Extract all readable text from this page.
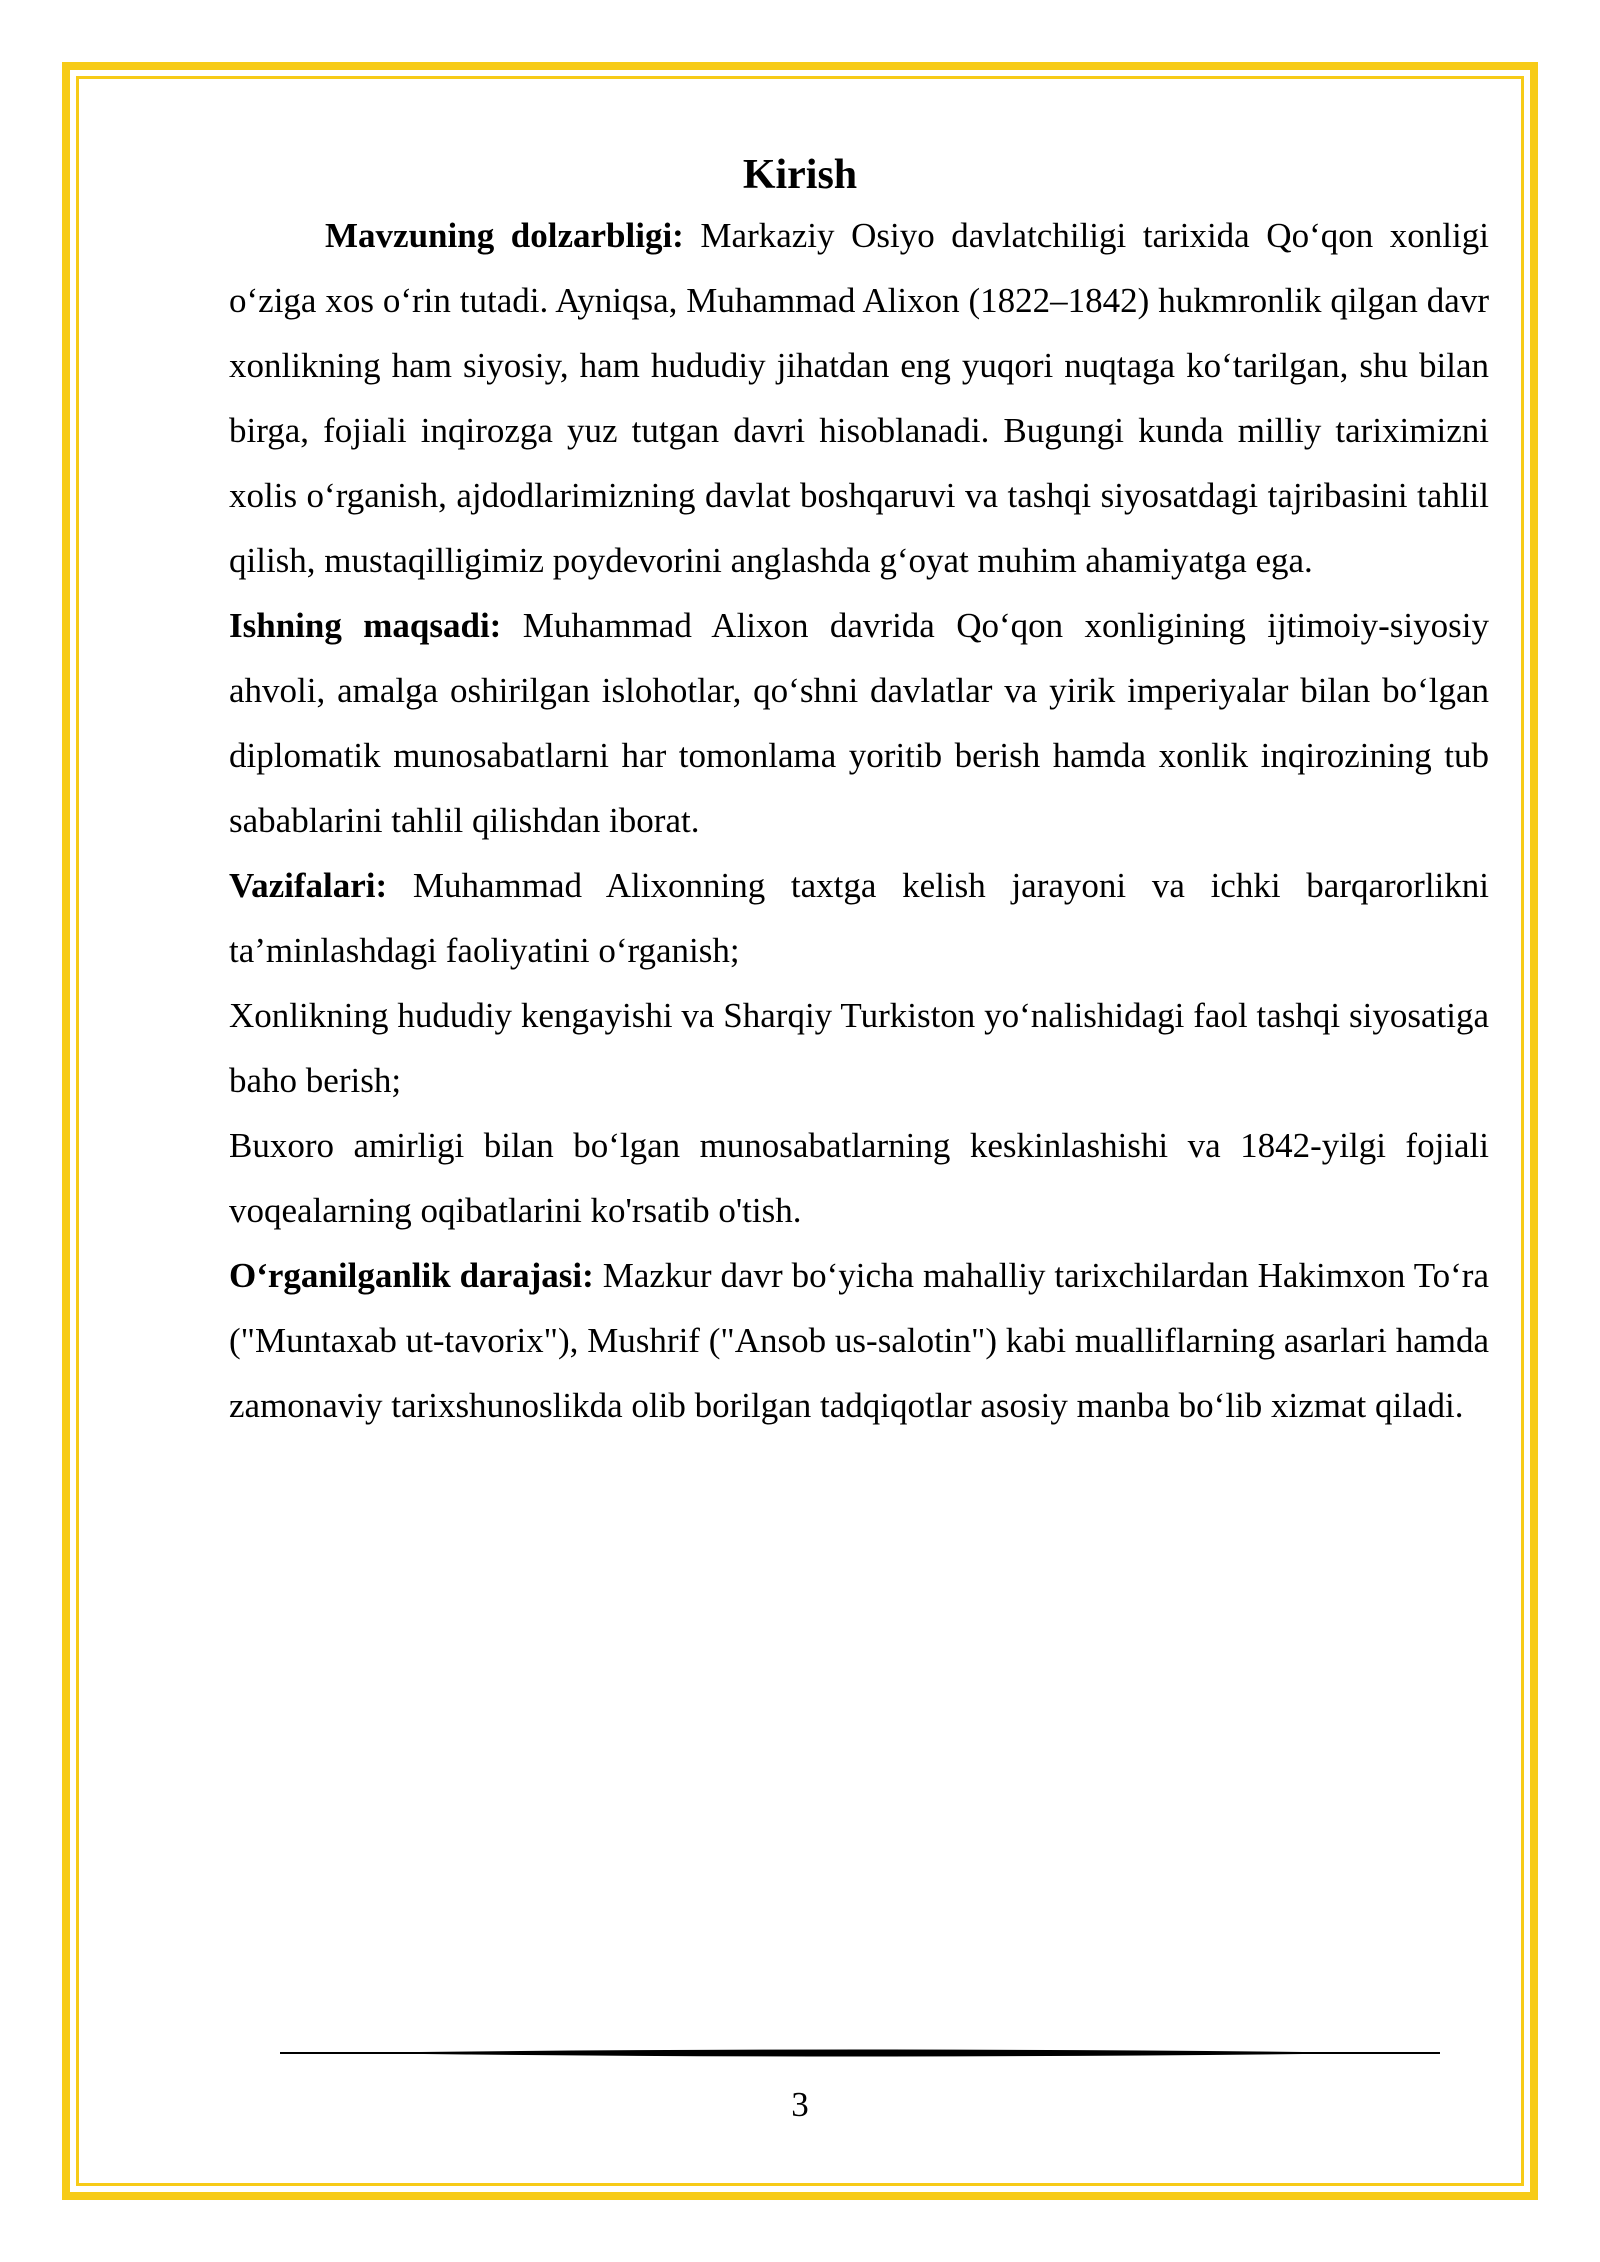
Kirish

Mavzuning dolzarbligi: Markaziy Osiyo davlatchiligi tarixida Qo‘qon xonligi o‘ziga xos o‘rin tutadi. Ayniqsa, Muhammad Alixon (1822–1842) hukmronlik qilgan davr xonlikning ham siyosiy, ham hududiy jihatdan eng yuqori nuqtaga ko‘tarilgan, shu bilan birga, fojiali inqirozga yuz tutgan davri hisoblanadi. Bugungi kunda milliy tariximizni xolis o‘rganish, ajdodlarimizning davlat boshqaruvi va tashqi siyosatdagi tajribasini tahlil qilish, mustaqilligimiz poydevorini anglashda g‘oyat muhim ahamiyatga ega.

Ishning maqsadi: Muhammad Alixon davrida Qo‘qon xonligining ijtimoiy-siyosiy ahvoli, amalga oshirilgan islohotlar, qo‘shni davlatlar va yirik imperiyalar bilan bo‘lgan diplomatik munosabatlarni har tomonlama yoritib berish hamda xonlik inqirozining tub sabablarini tahlil qilishdan iborat.

Vazifalari: Muhammad Alixonning taxtga kelish jarayoni va ichki barqarorlikni ta’minlashdagi faoliyatini o‘rganish;

Xonlikning hududiy kengayishi va Sharqiy Turkiston yo‘nalishidagi faol tashqi siyosatiga baho berish;

Buxoro amirligi bilan bo‘lgan munosabatlarning keskinlashishi va 1842-yilgi fojiali voqealarning oqibatlarini ko'rsatib o'tish.

O‘rganilganlik darajasi: Mazkur davr bo‘yicha mahalliy tarixchilardan Hakimxon To‘ra ("Muntaxab ut-tavorix"), Mushrif ("Ansob us-salotin") kabi mualliflarning asarlari hamda zamonaviy tarixshunoslikda olib borilgan tadqiqotlar asosiy manba bo‘lib xizmat qiladi.

3
